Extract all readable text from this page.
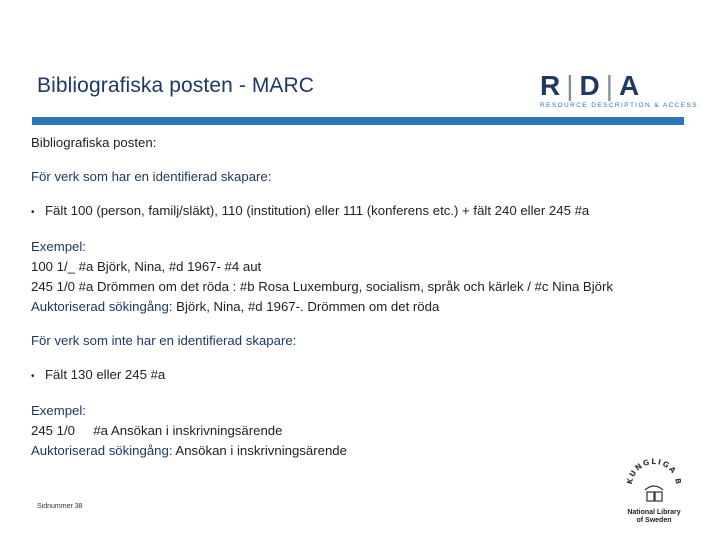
Bibliografiska posten - MARC	R | D | A
RESOURCE DESCRIPTION & ACCESS

Bibliografiska posten:

För verk som har en identifierad skapare:

• Fält 100 (person, familj/släkt), 110 (institution) eller 111 (konferens etc.) + fält 240 eller 245 #a

Exempel:

100 1/_ #a Björk, Nina, #d 1967- #4 aut

245 1/0 #a Drömmen om det röda : #b Rosa Luxemburg, socialism, språk och kärlek / #c Nina Björk

Auktoriserad sökingång: Björk, Nina, #d 1967-. Drömmen om det röda

För verk som inte har en identifierad skapare:

• Fält 130 eller 245 #a

Exempel:

245 1/0     #a Ansökan i inskrivningsärende

Auktoriserad sökingång: Ansökan i inskrivningsärende

Sidnummer 38
KUNGLIGA B
National Library
of Sweden
